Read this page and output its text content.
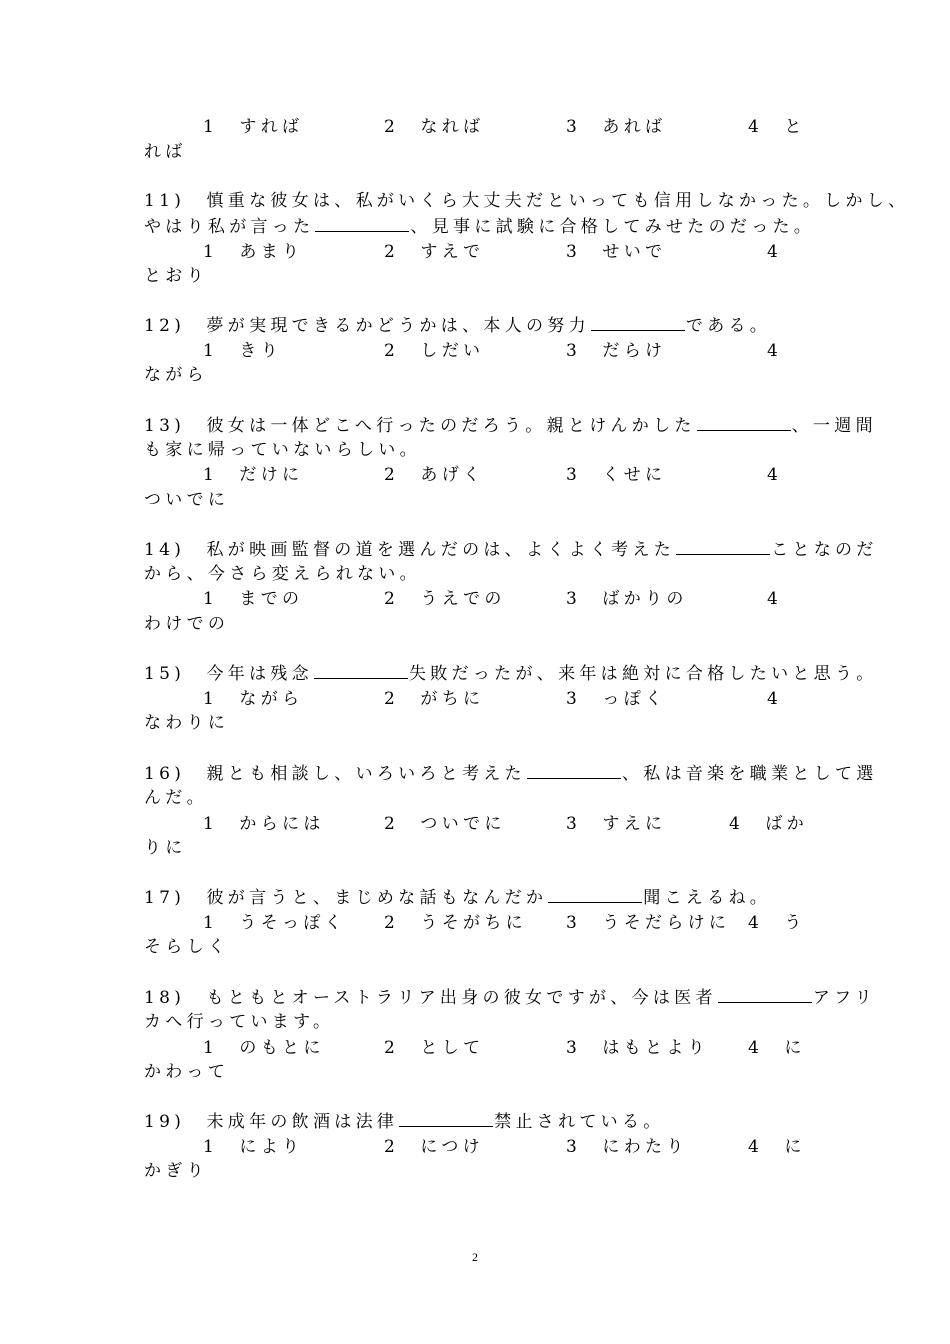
1　すれば	2　なれば	3　あれば	4　と
れば
11)　 慎重な彼女は、私がいくら大丈夫だといっても信用しなかった。しかし、
やはり私が言った	、見事に試験に合格してみせたのだった。
1　あまり	2　すえで	3　せいで	4
とおり
12)　 夢が実現できるかどうかは、本人の努力	である。
1　きり	2　しだい	3　だらけ	4
ながら
13)　 彼女は一体どこへ行ったのだろう。親とけんかした	、一週間
も家に帰っていないらしい。
1　だけに	2　あげく	3　くせに	4
ついでに
14)　 私が映画監督の道を選んだのは、よくよく考えた	ことなのだ
から、今さら変えられない。
1　までの	2　うえでの	3　ばかりの	4
わけでの
15)　 今年は残念	失敗だったが、来年は絶対に合格したいと思う。
1　ながら	2　がちに	3　っぽく	4
なわりに
16)　 親とも相談し、いろいろと考えた	、私は音楽を職業として選
んだ。
1　からには	2　ついでに	3　すえに	4　ばか
りに
17)　 彼が言うと、まじめな話もなんだか	聞こえるね。
1　うそっぽく 2　うそがちに 3　うそだらけに 4　う
そらしく
18)　 もともとオーストラリア出身の彼女ですが、今は医者	アフリ
カへ行っています。
1　のもとに	2　として	3　はもとより 4　に
かわって
19)　 未成年の飲酒は法律	禁止されている。
1　により	2　につけ	3　にわたり	4　に
かぎり
2
